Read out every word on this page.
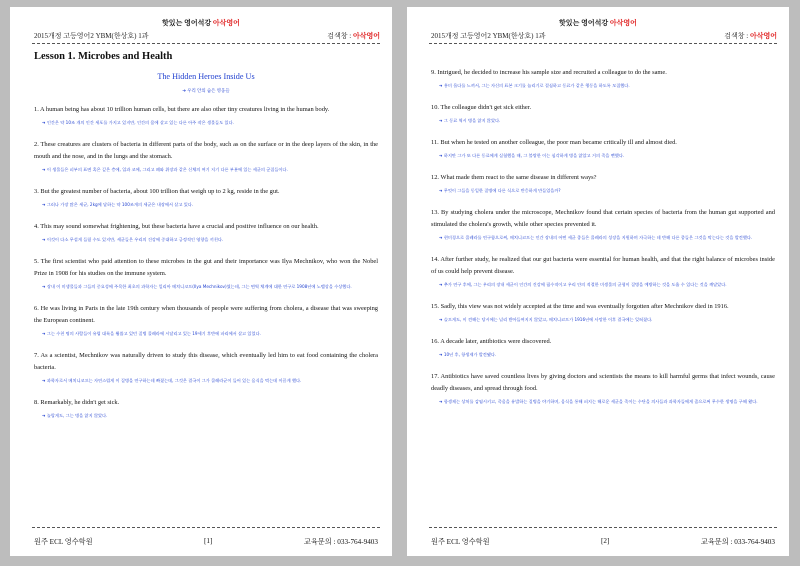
핫있는 영어석강 아삭영어
2015개정 고등영어2 YBM(한상호) 1과	검색창 : 아삭영어
Lesson 1. Microbes and Health
The Hidden Heroes Inside Us
➜ 우리 안의 숨은 영웅들

1. A human being has about 10 trillion human cells, but there are also other tiny creatures living in the human body.

➜ 인간은 약 10조 개의 인간 세포를 가지고 있지만, 인간의 몸에 살고 있는 다른 아주 작은 생물들도 있다.

2. These creatures are clusters of bacteria in different parts of the body, such as on the surface or in the deep layers of the skin, in the mouth and the nose, and in the lungs and the stomach.

➜ 이 생물들은 피부의 표면 혹은 깊은 층에, 입과 코에, 그리고 폐와 위장과 같은 신체의 여기 저기 다른 부분에 있는 세균의 군집들이다.

3. But the greatest number of bacteria, about 100 trillion that weigh up to 2 kg, reside in the gut.

➜ 그러나 가장 많은 세균, 2kg에 달하는 약 100조개의 세균은 내장에서 살고 있다.

4. This may sound somewhat frightening, but these bacteria have a crucial and positive influence on our health.

➜ 이것이 다소 무섭게 들릴 수도 있지만, 세균들은 우리의 건강에 중대하고 긍정적인 영향을 끼친다.

5. The first scientist who paid attention to these microbes in the gut and their importance was Ilya Mechnikov, who won the Nobel Prize in 1908 for his studies on the immune system.

➜ 장내 이 미생물들과 그들의 중요성에 주목한 최초의 과학자는 일리아 메치니코프(Ilya Mechnikov)였는데, 그는 면역 체계에 대한 연구로 1908년에 노벨상을 수상했다.

6. He was living in Paris in the late 19th century when thousands of people were suffering from cholera, a disease that was sweeping the European continent.

➜ 그는 수천 명의 사람들이 유럽 대륙을 휩쓸고 있던 질병 콜레라에 시달리고 있는 19세기 후반에 파리에서 살고 있었다.

7. As a scientist, Mechnikov was naturally driven to study this disease, which eventually led him to eat food containing the cholera bacteria.

➜ 과학자로서 메치니코프는 자연스럽게 이 질병을 연구하는데 빠졌는데, 그것은 결국이 그가 콜레라균이 들어 있는 음식을 먹는데 이끌게 했다.

8. Remarkably, he didn't get sick.

➜ 놀랍게도, 그는 병을 앓지 않았다.

원주 ECL 영수학원	[1]	교육문의 : 033-764-9403
핫있는 영어석강 아삭영어
2015개정 고등영어2 YBM(한상호) 1과	검색창 : 아삭영어

9. Intrigued, he decided to increase his sample size and recruited a colleague to do the same.

➜ 흥미 롭다를 느껴서, 그는 자신의 표본 크기를 늘리기로 결심하고 동료가 같은 행동을 하도록 모집했다.

10. The colleague didn't get sick either.

➜ 그 동료 역시 병을 앓지 않았다.

11. But when he tested on another colleague, the poor man became critically ill and almost died.

➜ 하지만 그가 또 다른 동료에게 실험했을 때, 그 불쌍한 이는 심각하게 병을 앓았고 거의 죽을 뻔했다.

12. What made them react to the same disease in different ways?

➜ 무엇이 그들을 동일한 질병에 다른 식으로 반응하게 만들었을까?

13. By studying cholera under the microscope, Mechnikov found that certain species of bacteria from the human gut supported and stimulated the cholera's growth, while other species prevented it.

➜ 현미경으로 콜레라를 연구함으로써, 메치니코프는 인간 장내의 어떤 세균 종들은 콜레라의 성장을 지원하며 자극하는 데 반해 다른 종들은 그것을 막는다는 것을 발견했다.

14. After further study, he realized that our gut bacteria were essential for human health, and that the right balance of microbes inside of us could help prevent disease.

➜ 추가 연구 후에, 그는 우리의 장내 세균이 인간의 건강에 필수적이고 우리 안의 적절한 미생물의 균형이 질병을 예방하는 것을 도울 수 있다는 것을 깨달았다.

15. Sadly, this view was not widely accepted at the time and was eventually forgotten after Mechnikov died in 1916.

➜ 슬프게도, 이 견해는 당시에는 널리 받아들여지지 않았고, 메치니코프가 1916년에 사망한 이후 결국에는 잊혀졌다.

16. A decade later, antibiotics were discovered.

➜ 10년 후, 항생제가 발견됐다.

17. Antibiotics have saved countless lives by giving doctors and scientists the means to kill harmful germs that infect wounds, cause deadly diseases, and spread through food.

➜ 항생제는 상처를 감염시키고, 죽음을 유발하는 질병을 야기하며, 음식을 통해 퍼지는 해로운 세균을 죽이는 수단을 의사들과 과학자들에게 줌으로써 무수한 생명을 구해 왔다.

원주 ECL 영수학원	[2]	교육문의 : 033-764-9403
